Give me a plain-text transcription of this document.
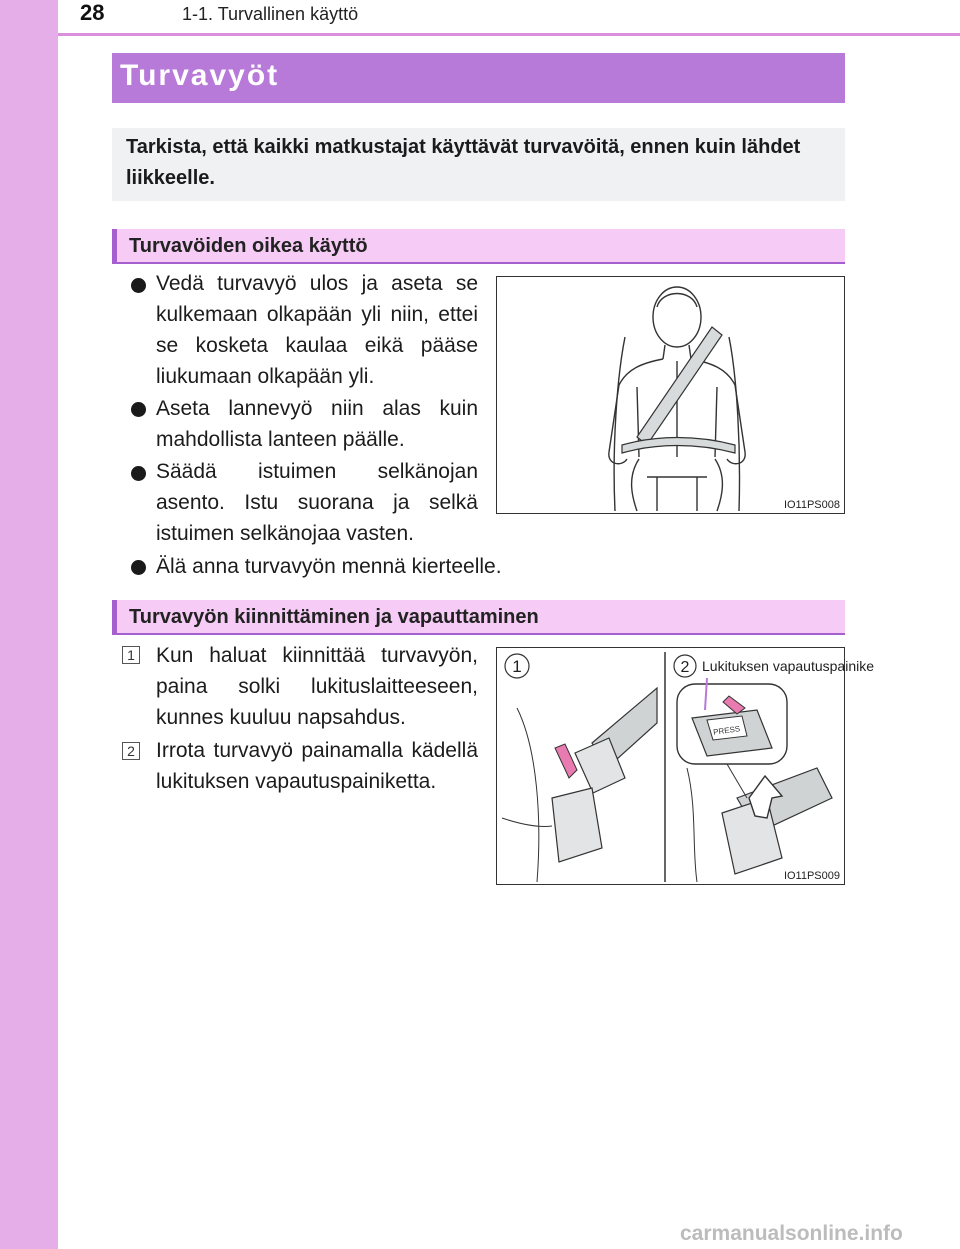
28	1-1. Turvallinen käyttö
Turvavyöt
Tarkista, että kaikki matkustajat käyttävät turvavöitä, ennen kuin lähdet liikkeelle.
Turvavöiden oikea käyttö
Vedä turvavyö ulos ja aseta se kulkemaan olkapään yli niin, ettei se kosketa kaulaa eikä pääse liukumaan olkapään yli.
Aseta lannevyö niin alas kuin mahdollista lanteen päälle.
Säädä istuimen selkänojan asento. Istu suorana ja selkä istuimen selkänojaa vasten.
Älä anna turvavyön mennä kierteelle.
IO11PS008
Turvavyön kiinnittäminen ja vapauttaminen
1 Kun haluat kiinnittää turvavyön, paina solki lukituslaitteeseen, kunnes kuuluu napsahdus.
2 Irrota turvavyö painamalla kädellä lukituksen vapautuspainiketta.
1	2 Lukituksen vapautuspainike
PRESS
IO11PS009
carmanualsonline.info
